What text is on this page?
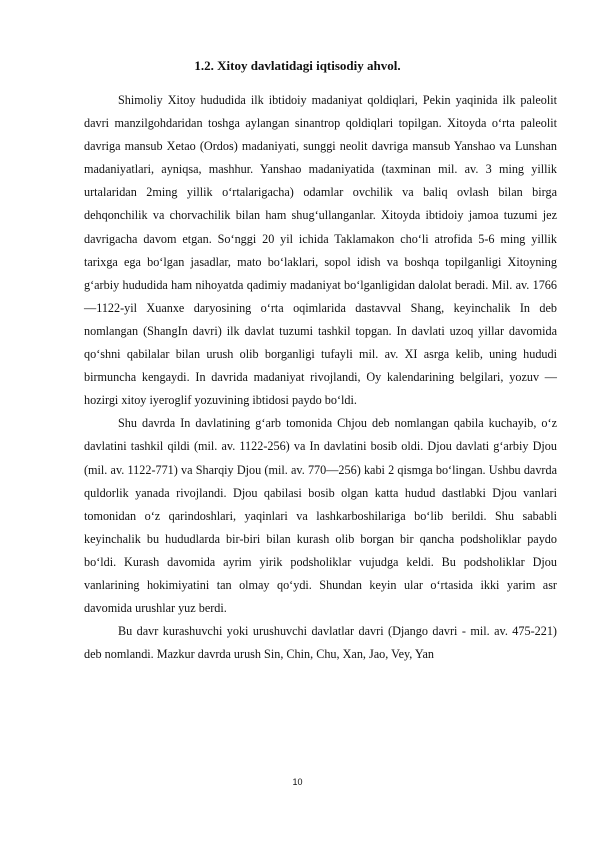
1.2. Xitoy davlatidagi iqtisodiy ahvol.

Shimoliy Xitoy hududida ilk ibtidoiy madaniyat qoldiqlari, Pekin yaqinida ilk paleolit davri manzilgohdaridan toshga aylangan sinantrop qoldiqlari topilgan. Xitoyda o‘rta paleolit davriga mansub Xetao (Ordos) madaniyati, sunggi neolit davriga mansub Yanshao va Lunshan madaniyatlari, ayniqsa, mashhur. Yanshao madaniyatida (taxminan mil. av. 3 ming yillik urtalaridan 2ming yillik o‘rtalarigacha) odamlar ovchilik va baliq ovlash bilan birga dehqonchilik va chorvachilik bilan ham shug‘ullanganlar. Xitoyda ibtidoiy jamoa tuzumi jez davrigacha davom etgan. So‘nggi 20 yil ichida Taklamakon cho‘li atrofida 5-6 ming yillik tarixga ega bo‘lgan jasadlar, mato bo‘laklari, sopol idish va boshqa topilganligi Xitoyning g‘arbiy hududida ham nihoyatda qadimiy madaniyat bo‘lganligidan dalolat beradi. Mil. av. 1766—1122-yil Xuanxe daryosining o‘rta oqimlarida dastavval Shang, keyinchalik In deb nomlangan (ShangIn davri) ilk davlat tuzumi tashkil topgan. In davlati uzoq yillar davomida qo‘shni qabilalar bilan urush olib borganligi tufayli mil. av. XI asrga kelib, uning hududi birmuncha kengaydi. In davrida madaniyat rivojlandi, Oy kalendarining belgilari, yozuv — hozirgi xitoy iyeroglif yozuvining ibtidosi paydo bo‘ldi.

Shu davrda In davlatining g‘arb tomonida Chjou deb nomlangan qabila kuchayib, o‘z davlatini tashkil qildi (mil. av. 1122-256) va In davlatini bosib oldi. Djou davlati g‘arbiy Djou (mil. av. 1122-771) va Sharqiy Djou (mil. av. 770—256) kabi 2 qismga bo‘lingan. Ushbu davrda quldorlik yanada rivojlandi. Djou qabilasi bosib olgan katta hudud dastlabki Djou vanlari tomonidan o‘z qarindoshlari, yaqinlari va lashkarboshilariga bo‘lib berildi. Shu sababli keyinchalik bu hududlarda bir-biri bilan kurash olib borgan bir qancha podsholiklar paydo bo‘ldi. Kurash davomida ayrim yirik podsholiklar vujudga keldi. Bu podsholiklar Djou vanlarining hokimiyatini tan olmay qo‘ydi. Shundan keyin ular o‘rtasida ikki yarim asr davomida urushlar yuz berdi.

Bu davr kurashuvchi yoki urushuvchi davlatlar davri (Django davri - mil. av. 475-221) deb nomlandi. Mazkur davrda urush Sin, Chin, Chu, Xan, Jao, Vey, Yan

10
